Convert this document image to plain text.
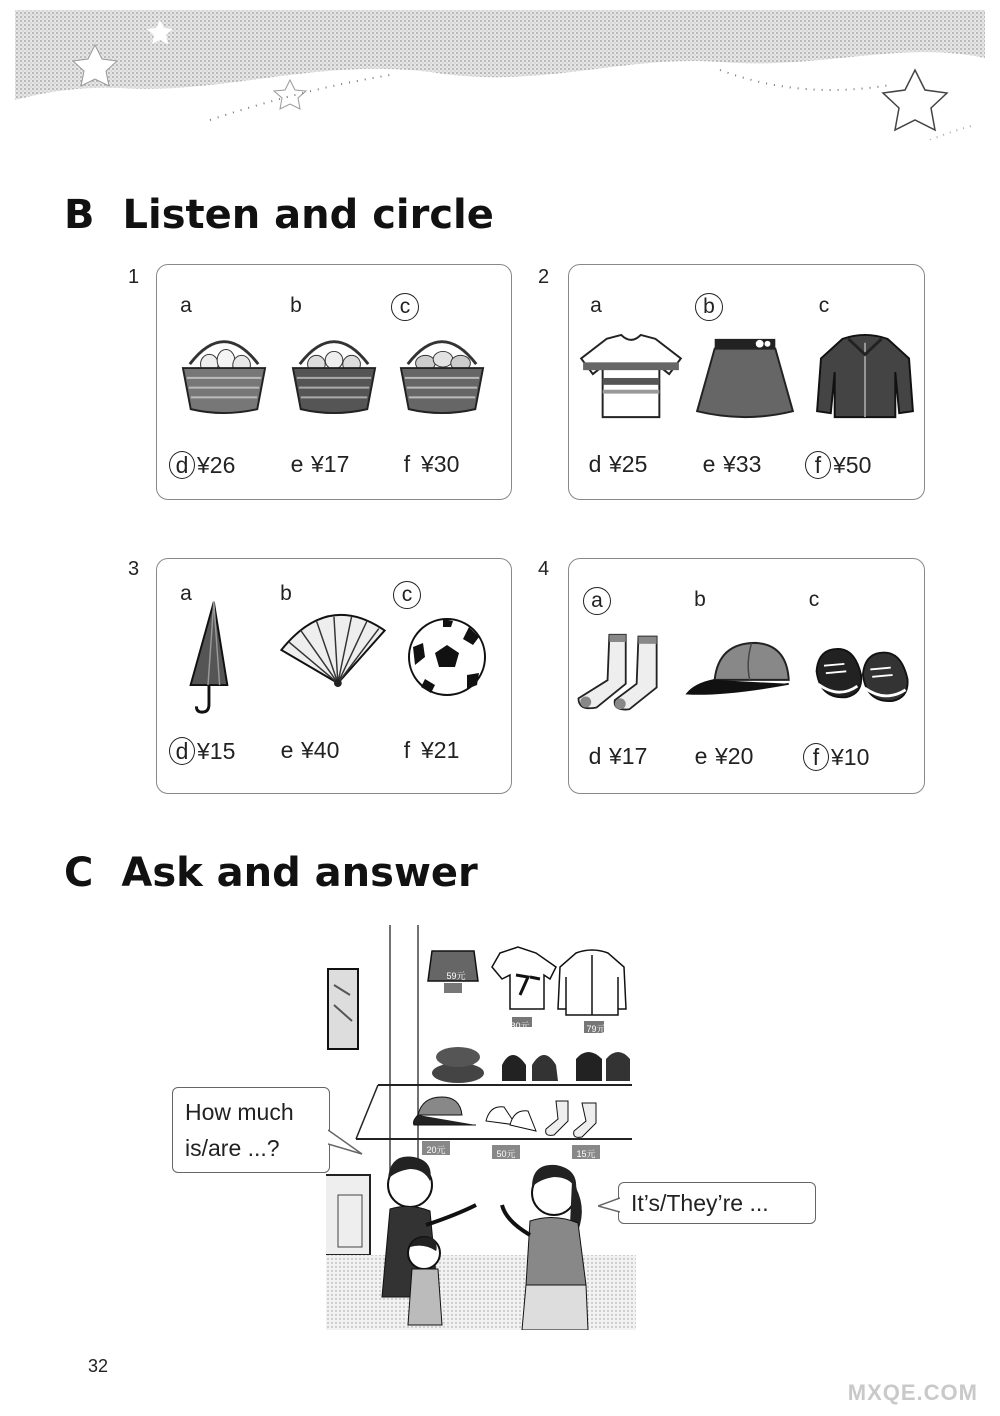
B Listen and circle
1
a	b	c
d ¥26 e ¥17	f ¥30
2
a	b	c
d ¥25 e ¥33	f ¥50
3
a	b	c
d ¥15 e ¥40	f ¥21
4
a	b	c
d ¥17 e ¥20	f ¥10
C Ask and answer
59元
80元	79元
20元	50元	15元
How much is/are ...?
It’s/They’re ...
32
MXQE.COM
